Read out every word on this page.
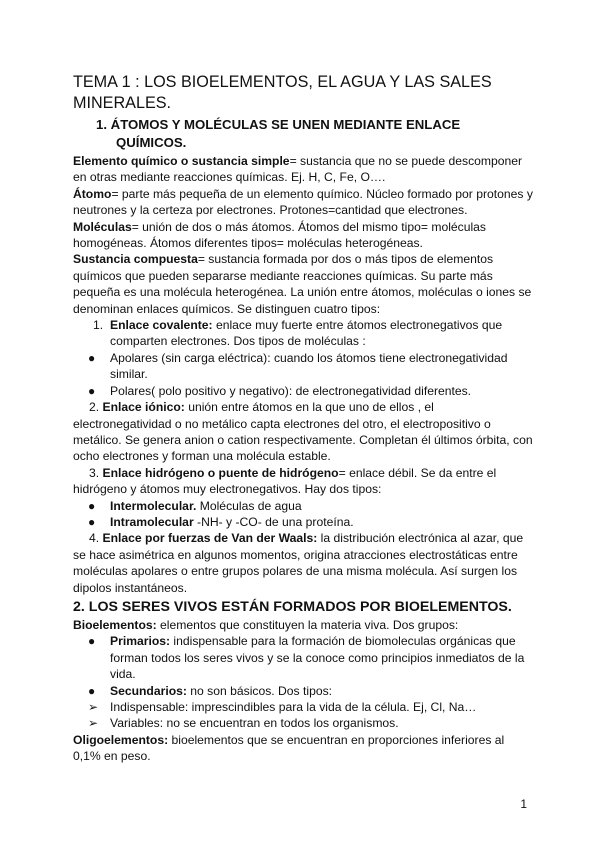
TEMA 1 : LOS BIOELEMENTOS, EL AGUA Y LAS SALES MINERALES.
1. ÁTOMOS Y MOLÉCULAS SE UNEN MEDIANTE ENLACE QUÍMICOS.

Elemento químico o sustancia simple= sustancia que no se puede descomponer en otras mediante reacciones químicas. Ej. H, C, Fe, O….

Átomo= parte más pequeña de un elemento químico. Núcleo formado por protones y neutrones y la certeza por electrones. Protones=cantidad que electrones.

Moléculas= unión de dos o más átomos. Átomos del mismo tipo= moléculas homogéneas. Átomos diferentes tipos= moléculas heterogéneas.

Sustancia compuesta= sustancia formada por dos o más tipos de elementos químicos que pueden separarse mediante reacciones químicas. Su parte más pequeña es una molécula heterogénea. La unión entre átomos, moléculas o iones se denominan enlaces químicos. Se distinguen cuatro tipos:

1. Enlace covalente: enlace muy fuerte entre átomos electronegativos que comparten electrones. Dos tipos de moléculas :

● Apolares (sin carga eléctrica): cuando los átomos tiene electronegatividad similar.

● Polares( polo positivo y negativo): de electronegatividad diferentes.

2. Enlace iónico: unión entre átomos en la que uno de ellos , el electronegatividad o no metálico capta electrones del otro, el electropositivo o metálico. Se genera anion o cation respectivamente. Completan él últimos órbita, con ocho electrones y forman una molécula estable.

3. Enlace hidrógeno o puente de hidrógeno= enlace débil. Se da entre el hidrógeno y átomos muy electronegativos. Hay dos tipos:

● Intermolecular. Moléculas de agua

● Intramolecular -NH- y -CO- de una proteína.

4. Enlace por fuerzas de Van der Waals: la distribución electrónica al azar, que se hace asimétrica en algunos momentos, origina atracciones electrostáticas entre moléculas apolares o entre grupos polares de una misma molécula. Así surgen los dipolos instantáneos.

2. LOS SERES VIVOS ESTÁN FORMADOS POR BIOELEMENTOS.

Bioelementos: elementos que constituyen la materia viva. Dos grupos:

● Primarios: indispensable para la formación de biomoleculas orgánicas que forman todos los seres vivos y se la conoce como principios inmediatos de la vida.

● Secundarios: no son básicos. Dos tipos:

➢ Indispensable: imprescindibles para la vida de la célula. Ej, Cl, Na…

➢ Variables: no se encuentran en todos los organismos.

Oligoelementos: bioelementos que se encuentran en proporciones inferiores al 0,1% en peso.

1
